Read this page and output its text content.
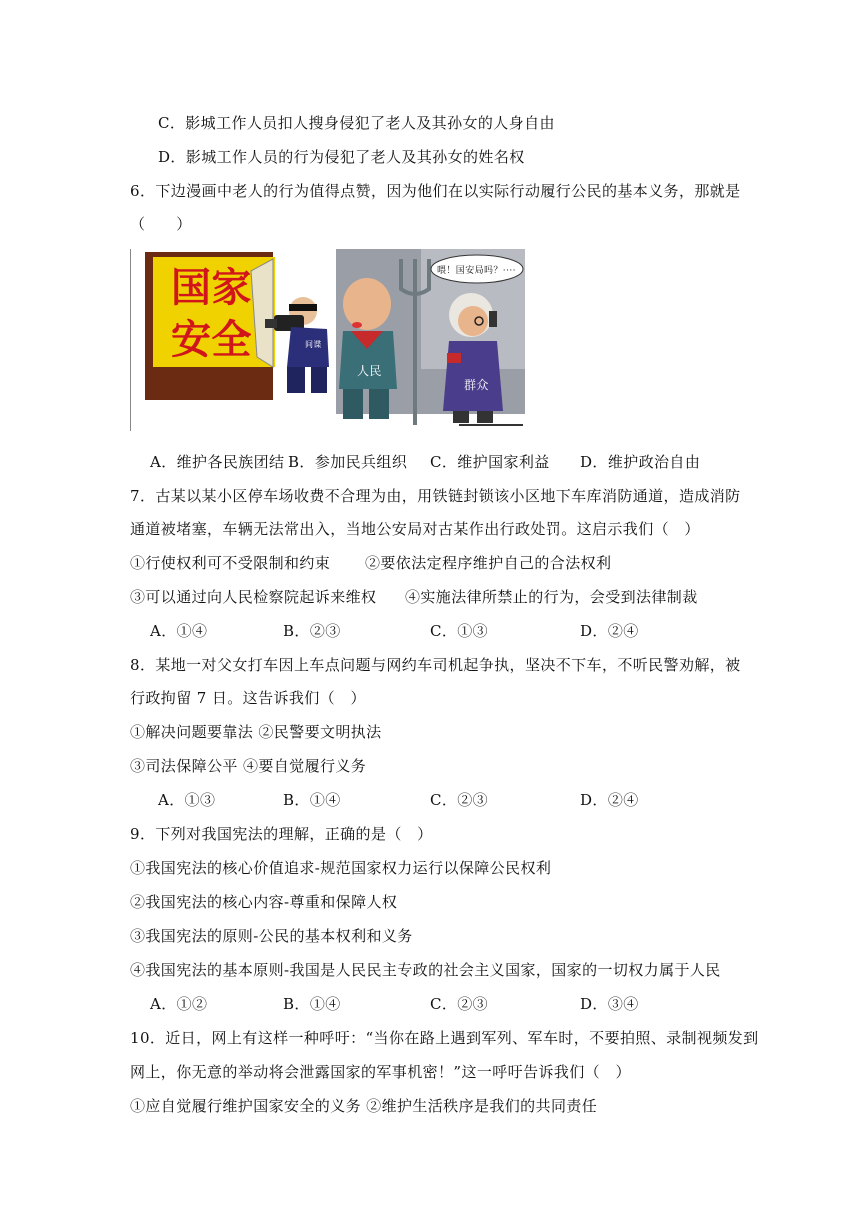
C．影城工作人员扣人搜身侵犯了老人及其孙女的人身自由
D．影城工作人员的行为侵犯了老人及其孙女的姓名权
6．下边漫画中老人的行为值得点赞，因为他们在以实际行动履行公民的基本义务，那就是
（　　）
国家
安全	间谍
人民
群众
喂！国安局吗？····
A．维护各民族团结 B．参加民兵组织 C．维护国家利益 D．维护政治自由
7．古某以某小区停车场收费不合理为由，用铁链封锁该小区地下车库消防通道，造成消防
通道被堵塞，车辆无法常出入，当地公安局对古某作出行政处罚。这启示我们（　）
①行使权利可不受限制和约束 ②要依法定程序维护自己的合法权利
③可以通过向人民检察院起诉来维权 ④实施法律所禁止的行为，会受到法律制裁
A．①④	B．②③	C．①③	D．②④
8．某地一对父女打车因上车点问题与网约车司机起争执，坚决不下车，不听民警劝解，被
行政拘留 7 日。这告诉我们（　）
①解决问题要靠法 ②民警要文明执法
③司法保障公平 ④要自觉履行义务
A．①③	B．①④	C．②③	D．②④
9．下列对我国宪法的理解，正确的是（　）
①我国宪法的核心价值追求-规范国家权力运行以保障公民权利
②我国宪法的核心内容-尊重和保障人权
③我国宪法的原则-公民的基本权利和义务
④我国宪法的基本原则-我国是人民民主专政的社会主义国家，国家的一切权力属于人民
A．①②	B．①④	C．②③	D．③④
10．近日，网上有这样一种呼吁：“当你在路上遇到军列、军车时，不要拍照、录制视频发到
网上，你无意的举动将会泄露国家的军事机密！”这一呼吁告诉我们（　）
①应自觉履行维护国家安全的义务 ②维护生活秩序是我们的共同责任
